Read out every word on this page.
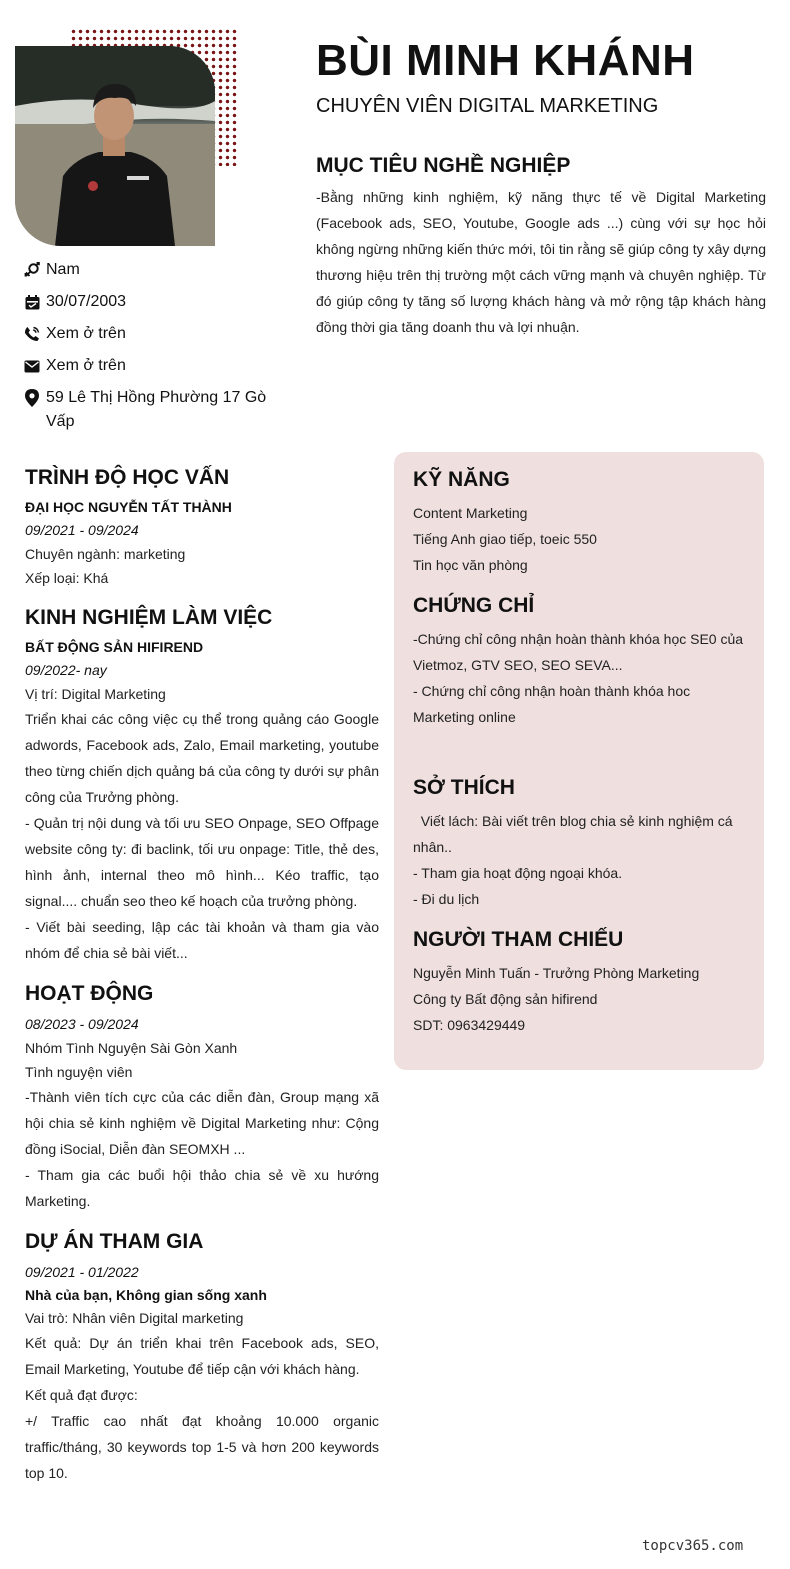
BÙI MINH KHÁNH
CHUYÊN VIÊN DIGITAL MARKETING
MỤC TIÊU NGHỀ NGHIỆP
-Bằng những kinh nghiệm, kỹ năng thực tế về Digital Marketing (Facebook ads, SEO, Youtube, Google ads ...) cùng với sự học hỏi không ngừng những kiến thức mới, tôi tin rằng sẽ giúp công ty xây dựng thương hiệu trên thị trường một cách vững mạnh và chuyên nghiệp. Từ đó giúp công ty tăng số lượng khách hàng và mở rộng tập khách hàng đồng thời gia tăng doanh thu và lợi nhuận.
Nam
30/07/2003
Xem ở trên
Xem ở trên
59 Lê Thị Hồng Phường 17 Gò Vấp
TRÌNH ĐỘ HỌC VẤN
ĐẠI HỌC NGUYỄN TẤT THÀNH
09/2021 - 09/2024
Chuyên ngành: marketing
Xếp loại: Khá
KINH NGHIỆM LÀM VIỆC
BẤT ĐỘNG SẢN HIFIREND
09/2022- nay
Vị trí: Digital Marketing
Triển khai các công việc cụ thể trong quảng cáo Google adwords, Facebook ads, Zalo, Email marketing, youtube theo từng chiến dịch quảng bá của công ty dưới sự phân công của Trưởng phòng.
- Quản trị nội dung và tối ưu SEO Onpage, SEO Offpage website công ty: đi baclink, tối ưu onpage: Title, thẻ des, hình ảnh, internal theo mô hình... Kéo traffic, tạo signal.... chuẩn seo theo kế hoạch của trưởng phòng.
- Viết bài seeding, lập các tài khoản và tham gia vào nhóm để chia sẻ bài viết...
HOẠT ĐỘNG
08/2023 - 09/2024
Nhóm Tình Nguyện Sài Gòn Xanh
Tình nguyện viên
-Thành viên tích cực của các diễn đàn, Group mạng xã hội chia sẻ kinh nghiệm về Digital Marketing như: Cộng đồng iSocial, Diễn đàn SEOMXH ...
- Tham gia các buổi hội thảo chia sẻ về xu hướng Marketing.
DỰ ÁN THAM GIA
09/2021 - 01/2022
Nhà của bạn, Không gian sống xanh
Vai trò: Nhân viên Digital marketing
Kết quả: Dự án triển khai trên Facebook ads, SEO, Email Marketing, Youtube để tiếp cận với khách hàng.
Kết quả đạt được:
+/ Traffic cao nhất đạt khoảng 10.000 organic traffic/tháng, 30 keywords top 1-5 và hơn 200 keywords top 10.
KỸ NĂNG
Content Marketing
Tiếng Anh giao tiếp, toeic 550
Tin học văn phòng
CHỨNG CHỈ
-Chứng chỉ công nhận hoàn thành khóa học SE0 của Vietmoz, GTV SEO, SEO SEVA...
- Chứng chỉ công nhận hoàn thành khóa hoc Marketing online
SỞ THÍCH
Viết lách: Bài viết trên blog chia sẻ kinh nghiệm cá nhân..
- Tham gia hoạt động ngoại khóa.
- Đi du lịch
NGƯỜI THAM CHIẾU
Nguyễn Minh Tuấn - Trưởng Phòng Marketing
Công ty Bất động sản hifirend
SDT: 0963429449
topcv365.com
